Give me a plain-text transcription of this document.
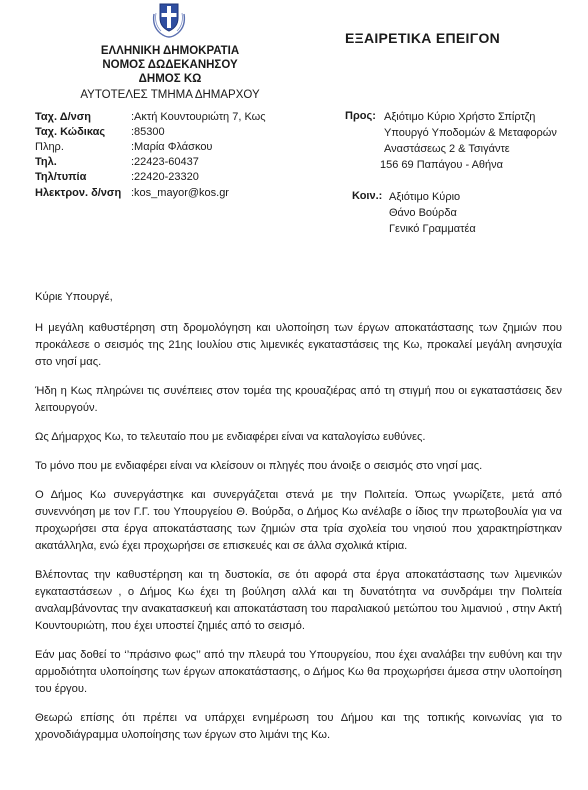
ΕΛΛΗΝΙΚΗ ΔΗΜΟΚΡΑΤΙΑ
ΝΟΜΟΣ ΔΩΔΕΚΑΝΗΣΟΥ
ΔΗΜΟΣ ΚΩ
ΑΥΤΟΤΕΛΕΣ ΤΜΗΜΑ ΔΗΜΑΡΧΟΥ
ΕΞΑΙΡΕΤΙΚΑ ΕΠΕΙΓΟΝ
Ταχ. Δ/νση	:Ακτή Κουντουριώτη 7, Κως
Ταχ. Κώδικας	:85300
Πληρ.	:Μαρία Φλάσκου
Τηλ.	:22423-60437
Τηλ/τυπία	:22420-23320
Ηλεκτρον. δ/νση :kos_mayor@kos.gr
Προς: Αξιότιμο Κύριο Χρήστο Σπίρτζη
Υπουργό Υποδομών & Μεταφορών
Αναστάσεως 2 & Τσιγάντε
156 69 Παπάγου - Αθήνα
Κοιν.: Αξιότιμο Κύριο
Θάνο Βούρδα
Γενικό Γραμματέα

Κύριε Υπουργέ,

Η μεγάλη καθυστέρηση στη δρομολόγηση και υλοποίηση των έργων αποκατάστασης των ζημιών που προκάλεσε ο σεισμός της 21ης Ιουλίου στις λιμενικές εγκαταστάσεις της Κω, προκαλεί μεγάλη ανησυχία στο νησί μας.

Ήδη η Κως πληρώνει τις συνέπειες στον τομέα της κρουαζιέρας από τη στιγμή που οι εγκαταστάσεις δεν λειτουργούν.

Ως Δήμαρχος Κω, το τελευταίο που με ενδιαφέρει είναι να καταλογίσω ευθύνες.

Το μόνο που με ενδιαφέρει είναι να κλείσουν οι πληγές που άνοιξε ο σεισμός στο νησί μας.

Ο Δήμος Κω συνεργάστηκε και συνεργάζεται στενά με την Πολιτεία. Όπως γνωρίζετε, μετά από συνεννόηση με τον Γ.Γ. του Υπουργείου Θ. Βούρδα, ο Δήμος Κω ανέλαβε ο ίδιος την πρωτοβουλία για να προχωρήσει στα έργα αποκατάστασης των ζημιών στα τρία σχολεία του νησιού που χαρακτηρίστηκαν ακατάλληλα, ενώ έχει προχωρήσει σε επισκευές και σε άλλα σχολικά κτίρια.

Βλέποντας την καθυστέρηση και τη δυστοκία, σε ότι αφορά στα έργα αποκατάστασης των λιμενικών εγκαταστάσεων , ο Δήμος Κω έχει τη βούληση αλλά και τη δυνατότητα να συνδράμει την Πολιτεία αναλαμβάνοντας την ανακατασκευή και αποκατάσταση του παραλιακού μετώπου του λιμανιού , στην Ακτή Κουντουριώτη, που έχει υποστεί ζημιές από το σεισμό.

Εάν μας δοθεί το ‘’πράσινο φως’’ από την πλευρά του Υπουργείου, που έχει αναλάβει την ευθύνη και την αρμοδιότητα υλοποίησης των έργων αποκατάστασης, ο Δήμος Κω θα προχωρήσει άμεσα στην υλοποίηση του έργου.

Θεωρώ επίσης ότι πρέπει να υπάρχει ενημέρωση του Δήμου και της τοπικής κοινωνίας για το χρονοδιάγραμμα υλοποίησης των έργων στο λιμάνι της Κω.
